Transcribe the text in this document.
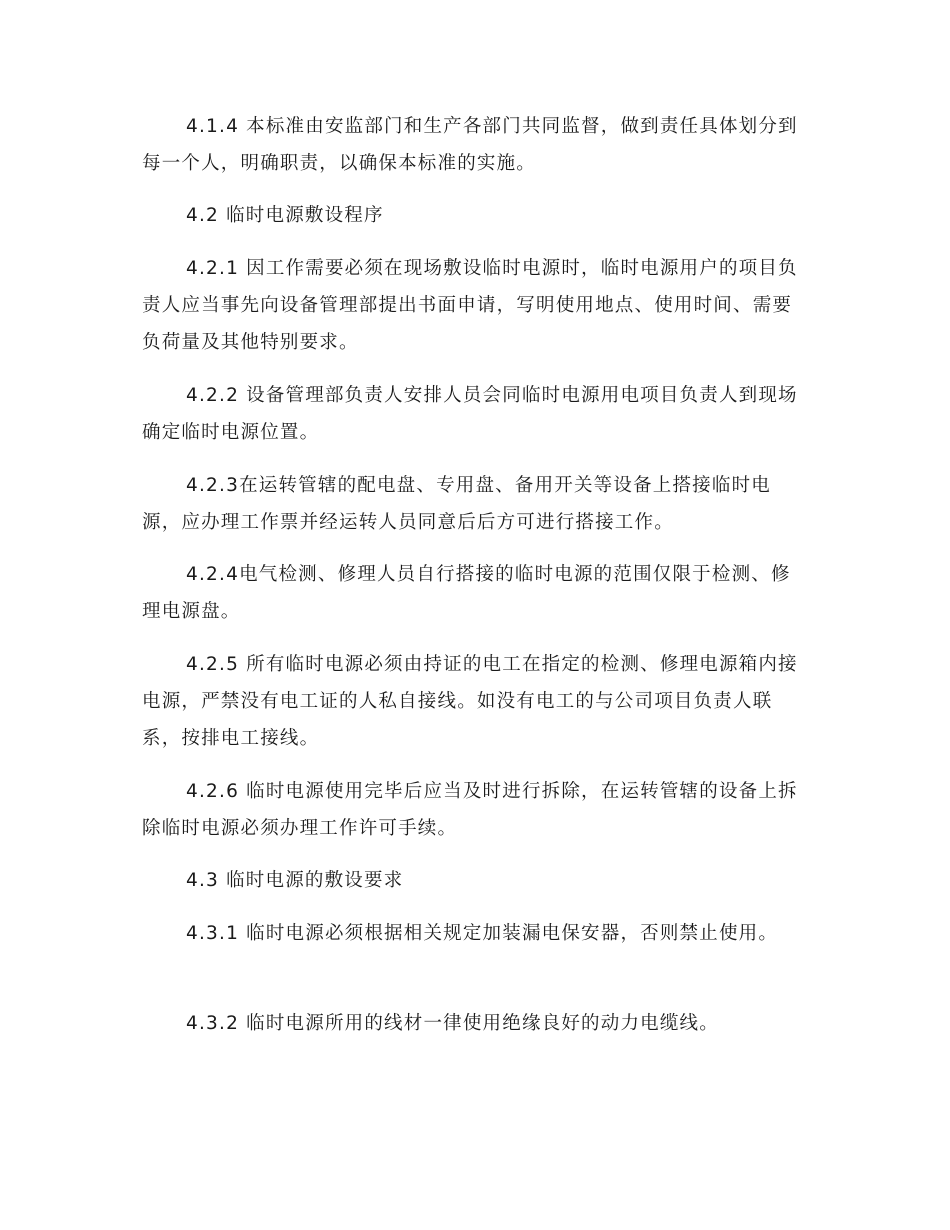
4.1.4 本标准由安监部门和生产各部门共同监督，做到责任具体划分到每一个人，明确职责，以确保本标准的实施。

4.2 临时电源敷设程序

4.2.1 因工作需要必须在现场敷设临时电源时，临时电源用户的项目负责人应当事先向设备管理部提出书面申请，写明使用地点、使用时间、需要负荷量及其他特别要求。

4.2.2 设备管理部负责人安排人员会同临时电源用电项目负责人到现场确定临时电源位置。

4.2.3在运转管辖的配电盘、专用盘、备用开关等设备上搭接临时电源，应办理工作票并经运转人员同意后后方可进行搭接工作。

4.2.4电气检测、修理人员自行搭接的临时电源的范围仅限于检测、修理电源盘。

4.2.5 所有临时电源必须由持证的电工在指定的检测、修理电源箱内接电源，严禁没有电工证的人私自接线。如没有电工的与公司项目负责人联系，按排电工接线。

4.2.6 临时电源使用完毕后应当及时进行拆除，在运转管辖的设备上拆除临时电源必须办理工作许可手续。

4.3 临时电源的敷设要求

4.3.1 临时电源必须根据相关规定加装漏电保安器，否则禁止使用。

4.3.2 临时电源所用的线材一律使用绝缘良好的动力电缆线。
